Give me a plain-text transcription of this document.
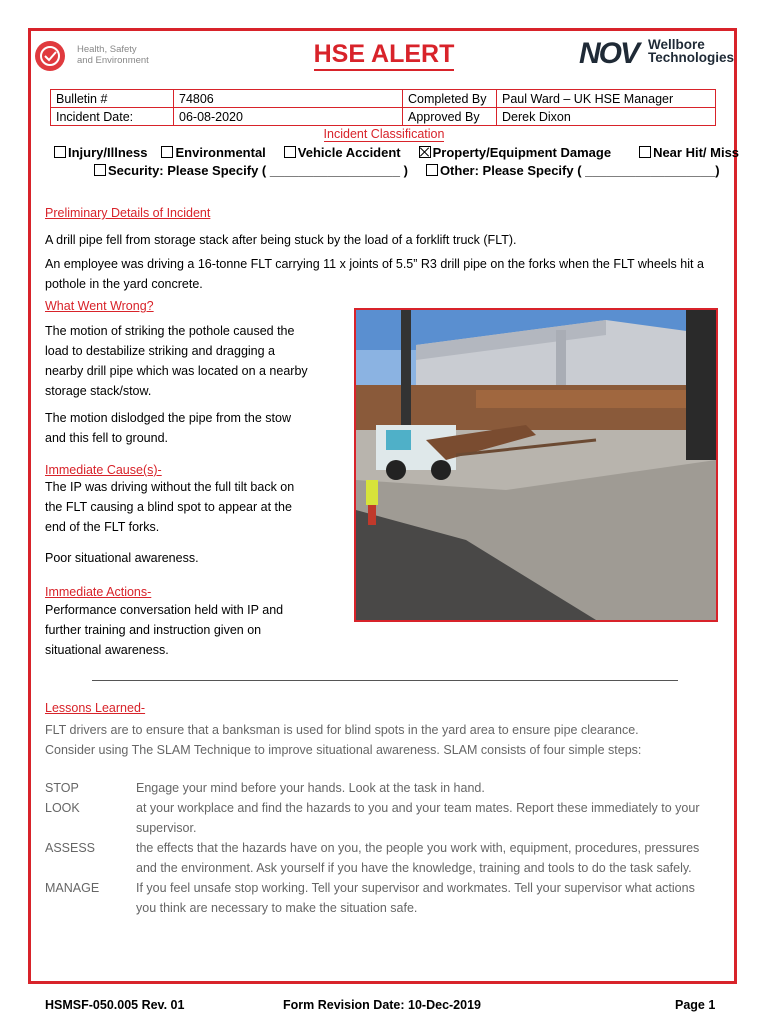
Health, Safety
and Environment	HSE ALERT	NOV Wellbore
Technologies
Bulletin #	74806	Completed By	Paul Ward – UK HSE Manager
Incident Date:	06-08-2020	Approved By	Derek Dixon
Incident Classification
Injury/Illness Environmental Vehicle Accident Property/Equipment Damage	Near Hit/ Miss
Security: Please Specify ( __________________ ) Other: Please Specify ( __________________)
Preliminary Details of Incident
A drill pipe fell from storage stack after being stuck by the load of a forklift truck (FLT).
An employee was driving a 16-tonne FLT carrying 11 x joints of 5.5” R3 drill pipe on the forks when the FLT wheels hit a
pothole in the yard concrete.
What Went Wrong?
The motion of striking the pothole caused the
load to destabilize striking and dragging a
nearby drill pipe which was located on a nearby
storage stack/stow.
The motion dislodged the pipe from the stow
and this fell to ground.
Immediate Cause(s)-
The IP was driving without the full tilt back on
the FLT causing a blind spot to appear at the
end of the FLT forks.
Poor situational awareness.
Immediate Actions-
Performance conversation held with IP and
further training and instruction given on
situational awareness.
Lessons Learned-
FLT drivers are to ensure that a banksman is used for blind spots in the yard area to ensure pipe clearance.
Consider using The SLAM Technique to improve situational awareness. SLAM consists of four simple steps:
STOP	Engage your mind before your hands. Look at the task in hand.
LOOK	at your workplace and find the hazards to you and your team mates. Report these immediately to your supervisor.
ASSESS	the effects that the hazards have on you, the people you work with, equipment, procedures, pressures and the environment. Ask yourself if you have the knowledge, training and tools to do the task safely.
MANAGE	If you feel unsafe stop working. Tell your supervisor and workmates. Tell your supervisor what actions you think are necessary to make the situation safe.
HSMSF-050.005 Rev. 01	Form Revision Date: 10-Dec-2019	Page 1
